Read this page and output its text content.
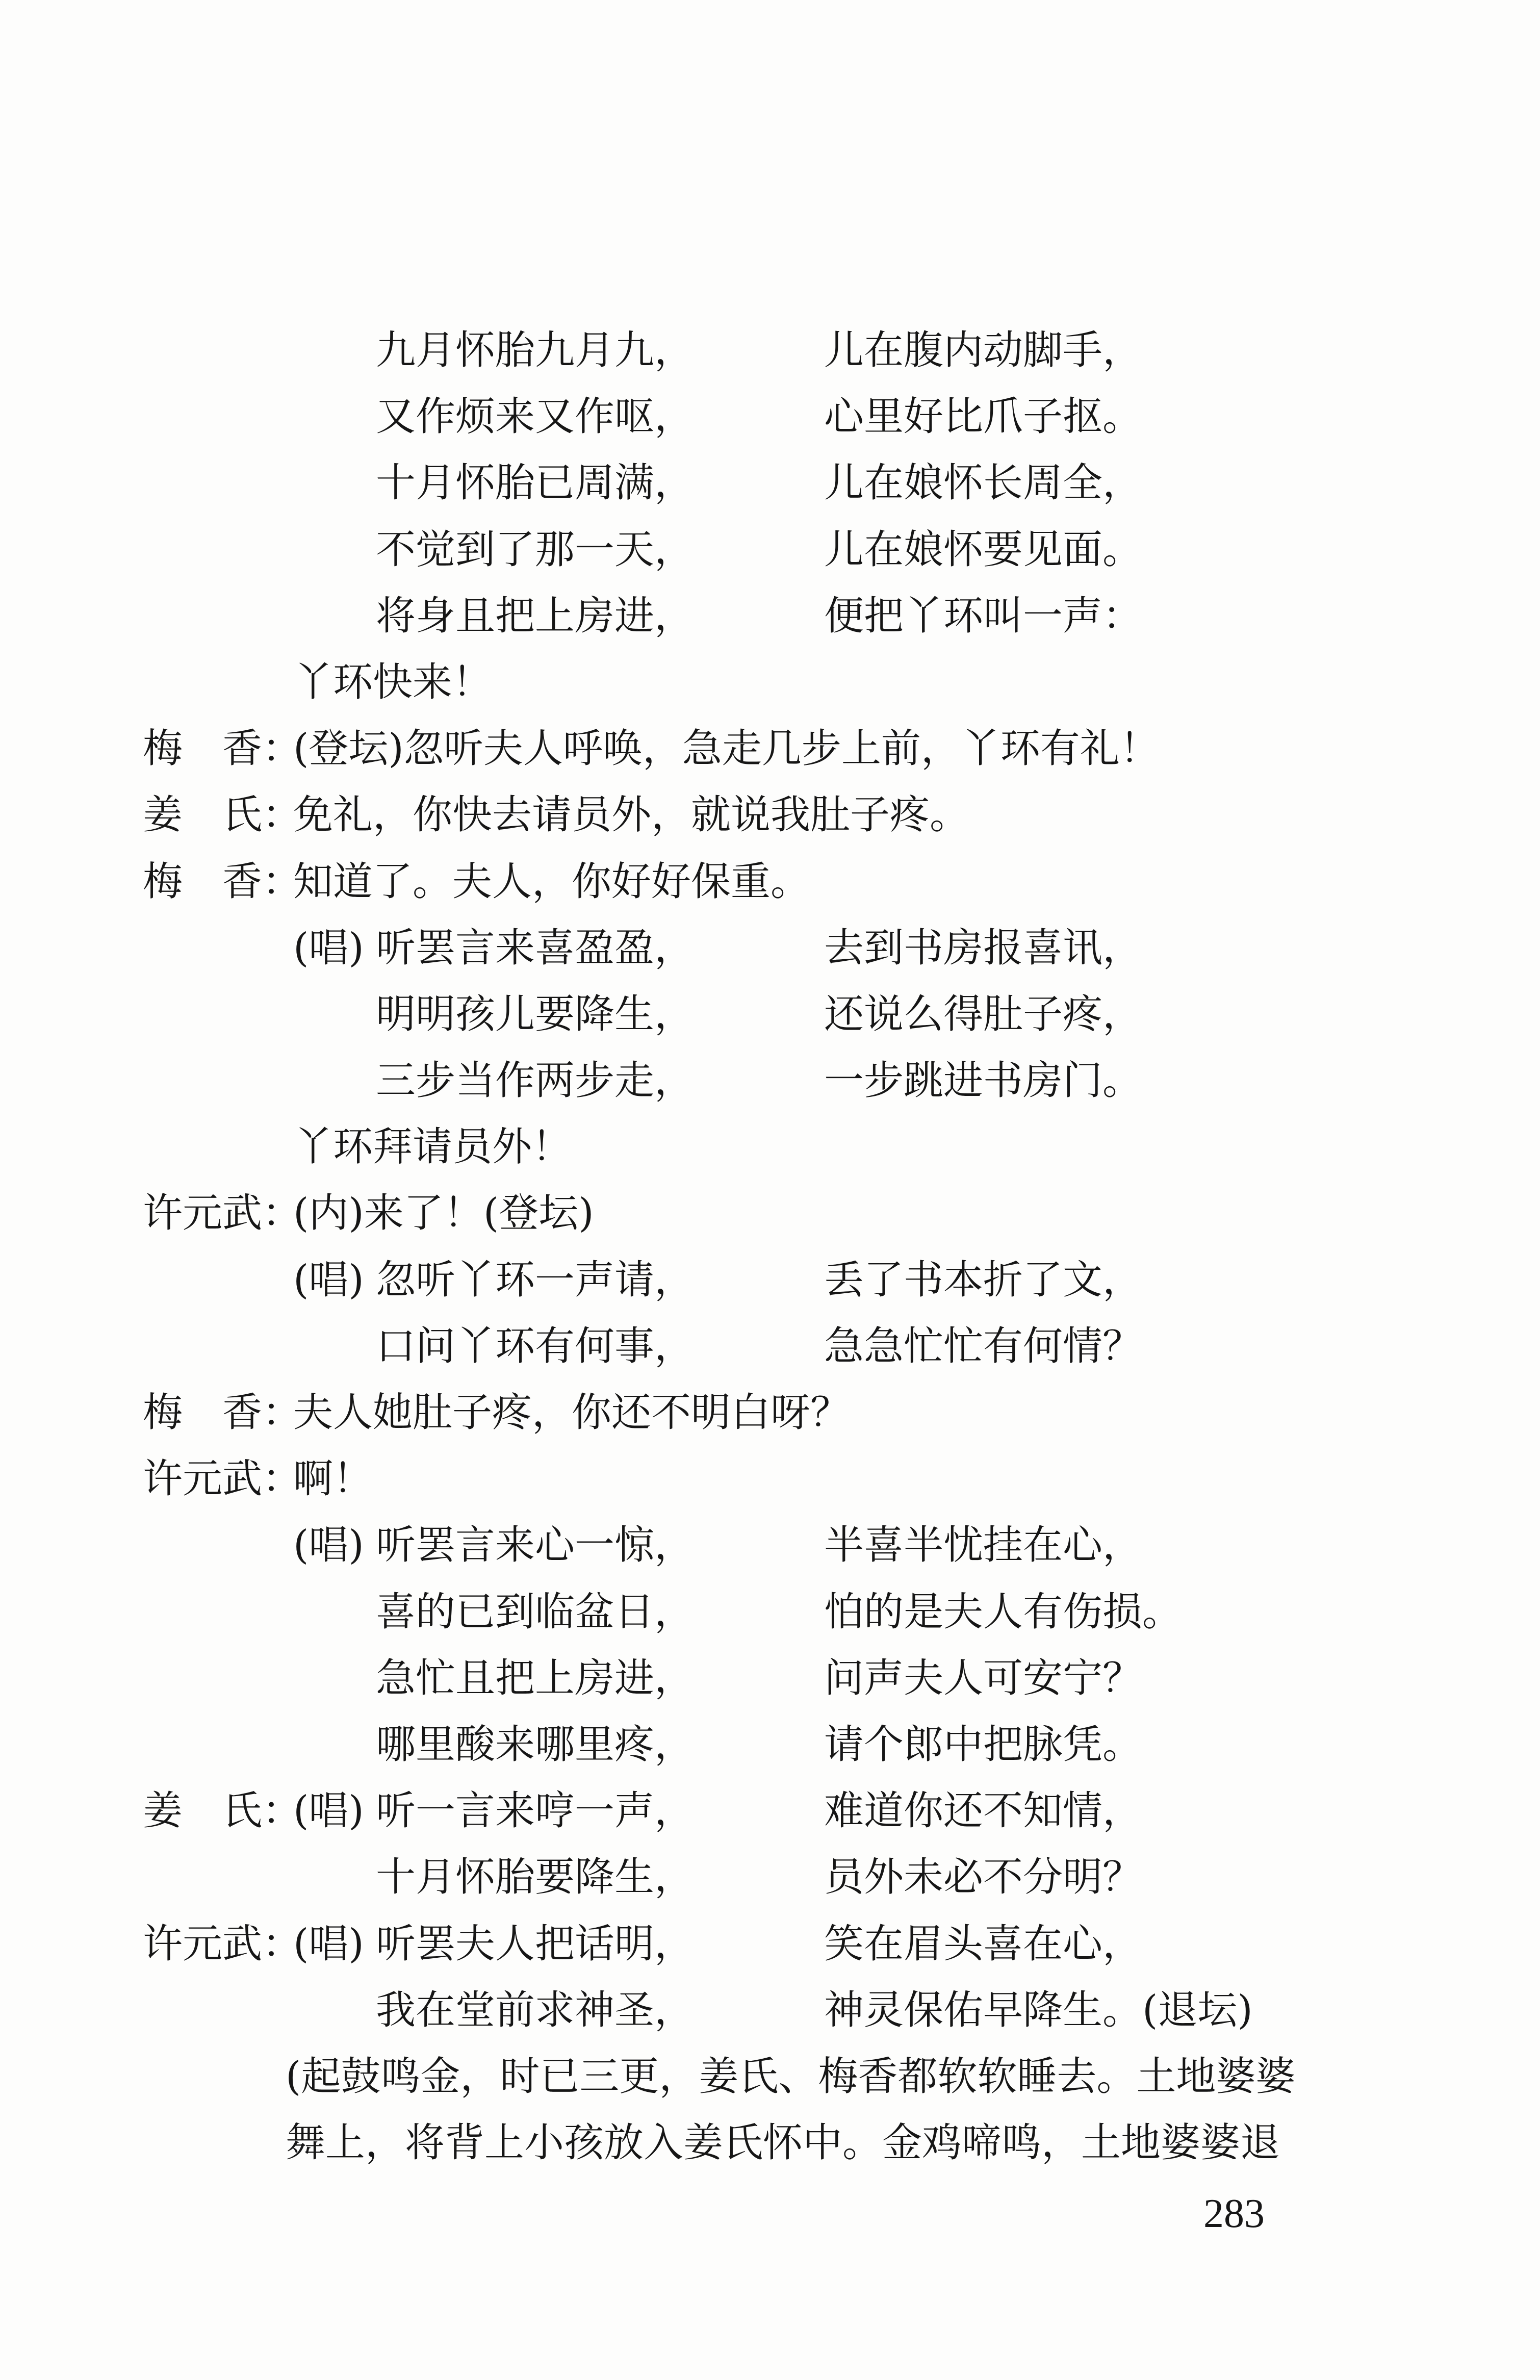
九月怀胎九月九，	儿在腹内动脚手，
又作烦来又作呕，	心里好比爪子抠。
十月怀胎已周满，	儿在娘怀长周全，
不觉到了那一天，	儿在娘怀要见面。
将身且把上房进，	便把丫环叫一声：
丫环快来！
梅　香：
(登坛)忽听夫人呼唤，急走几步上前，丫环有礼！
姜　氏：
免礼，你快去请员外，就说我肚子疼。
梅　香：
知道了。夫人，你好好保重。
(唱) 听罢言来喜盈盈，	去到书房报喜讯，
明明孩儿要降生，	还说么得肚子疼，
三步当作两步走，	一步跳进书房门。
丫环拜请员外！
许元武：
(内)来了！(登坛)
(唱) 忽听丫环一声请，	丢了书本折了文，
口问丫环有何事，	急急忙忙有何情？
梅　香：
夫人她肚子疼，你还不明白呀？
许元武：
啊！
(唱) 听罢言来心一惊，	半喜半忧挂在心，
喜的已到临盆日，	怕的是夫人有伤损。
急忙且把上房进，	问声夫人可安宁？
哪里酸来哪里疼，	请个郎中把脉凭。
姜　氏：
(唱) 听一言来哼一声，	难道你还不知情，
十月怀胎要降生，	员外未必不分明？
许元武：
(唱) 听罢夫人把话明，	笑在眉头喜在心，
我在堂前求神圣，	神灵保佑早降生。(退坛)
(起鼓鸣金，时已三更，姜氏、梅香都软软睡去。土地婆婆
舞上，将背上小孩放入姜氏怀中。金鸡啼鸣，土地婆婆退
283
